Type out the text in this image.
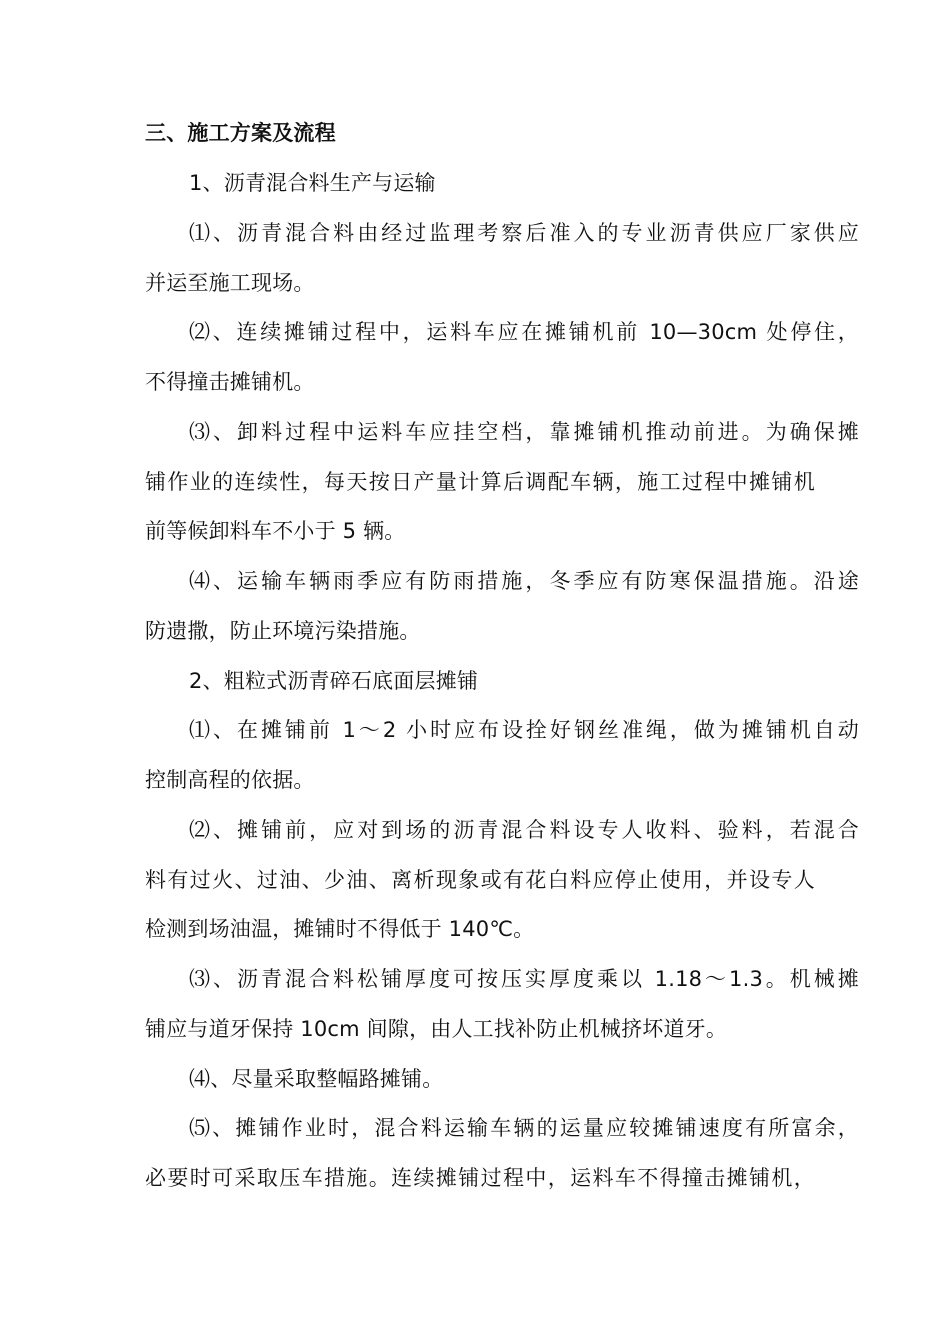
三、施工方案及流程
1、沥青混合料生产与运输
⑴、沥青混合料由经过监理考察后准入的专业沥青供应厂家供应
并运至施工现场。
⑵、连续摊铺过程中，运料车应在摊铺机前 10—30cm 处停住，
不得撞击摊铺机。
⑶、卸料过程中运料车应挂空档，靠摊铺机推动前进。为确保摊
铺作业的连续性，每天按日产量计算后调配车辆，施工过程中摊铺机
前等候卸料车不小于 5 辆。
⑷、运输车辆雨季应有防雨措施，冬季应有防寒保温措施。沿途
防遗撒，防止环境污染措施。
2、粗粒式沥青碎石底面层摊铺
⑴、在摊铺前 1～2 小时应布设拴好钢丝准绳，做为摊铺机自动
控制高程的依据。
⑵、摊铺前，应对到场的沥青混合料设专人收料、验料，若混合
料有过火、过油、少油、离析现象或有花白料应停止使用，并设专人
检测到场油温，摊铺时不得低于 140℃。
⑶、沥青混合料松铺厚度可按压实厚度乘以 1.18～1.3。机械摊
铺应与道牙保持 10cm 间隙，由人工找补防止机械挤坏道牙。
⑷、尽量采取整幅路摊铺。
⑸、摊铺作业时，混合料运输车辆的运量应较摊铺速度有所富余，
必要时可采取压车措施。连续摊铺过程中，运料车不得撞击摊铺机，
